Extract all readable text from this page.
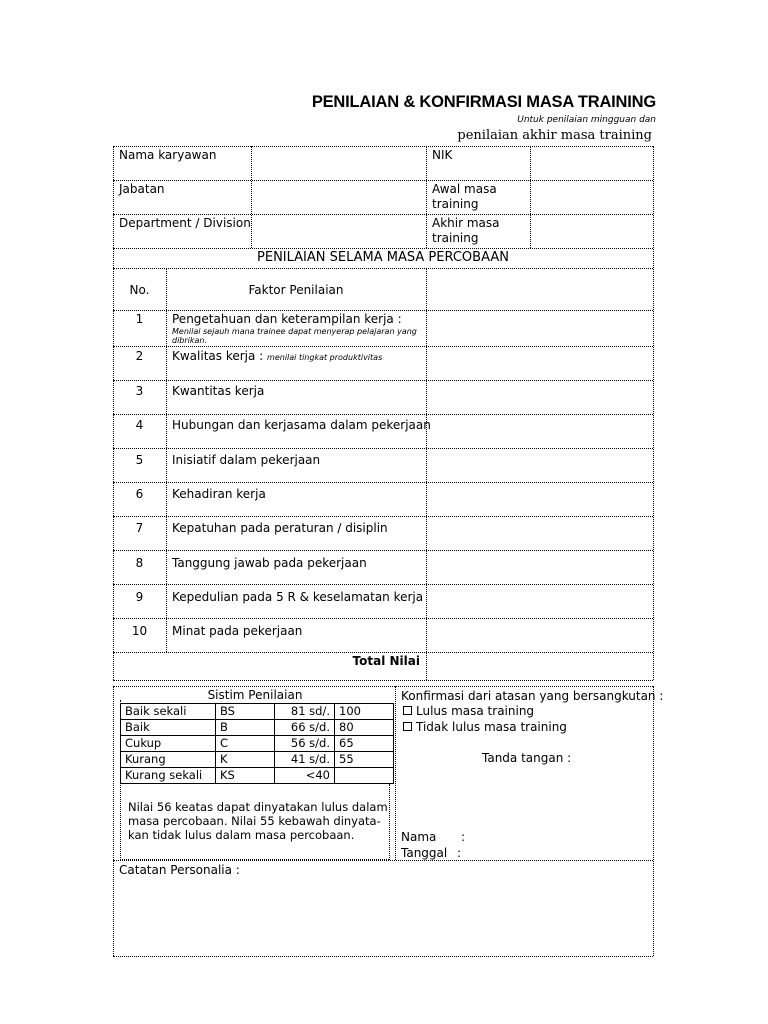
PENILAIAN & KONFIRMASI MASA TRAINING
Untuk penilaian mingguan dan
penilaian akhir masa training
Nama karyawan	NIK
Jabatan	Awal masa
training
Department / Division	Akhir masa
training
PENILAIAN SELAMA MASA PERCOBAAN
No.	Faktor Penilaian
1	Pengetahuan dan keterampilan kerja :
Menilai sejauh mana trainee dapat menyerap pelajaran yang dibrikan.
2	Kwalitas kerja : menilai tingkat produktivitas
3	Kwantitas kerja
4	Hubungan dan kerjasama dalam pekerjaan
5	Inisiatif dalam pekerjaan
6	Kehadiran kerja
7	Kepatuhan pada peraturan / disiplin
8	Tanggung jawab pada pekerjaan
9	Kepedulian pada 5 R & keselamatan kerja
10	Minat pada pekerjaan
Total Nilai
Sistim Penilaian
Baik sekali	BS	81 sd/.	100
Baik	B	66 s/d.	80
Cukup	C	56 s/d.	65
Kurang	K	41 s/d.	55
Kurang sekali	KS	<40	
Nilai 56 keatas dapat dinyatakan lulus dalam
masa percobaan. Nilai 55 kebawah dinyata-
kan tidak lulus dalam masa percobaan.
Konfirmasi dari atasan yang bersangkutan :
Lulus masa training
Tidak lulus masa training
Tanda tangan :
Nama :
Tanggal :
Catatan Personalia :
